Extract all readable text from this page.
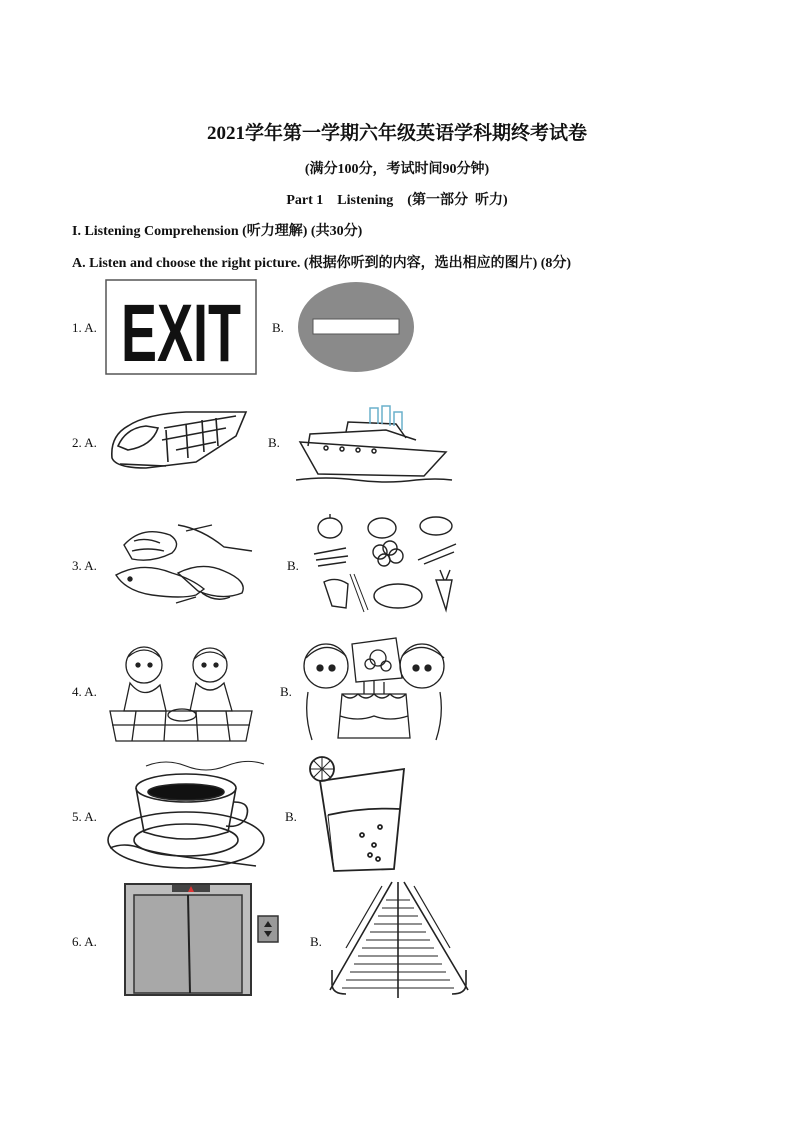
2021学年第一学期六年级英语学科期终考试卷
(满分100分，考试时间90分钟)
Part 1    Listening    (第一部分  听力)
I. Listening Comprehension (听力理解) (共30分)
A. Listen and choose the right picture. (根据你听到的内容，选出相应的图片) (8分)
1. A. EXIT B.
2. A.	B.
3. A.	B.
4. A.	B.
5. A.	B.
6. A.	B.
